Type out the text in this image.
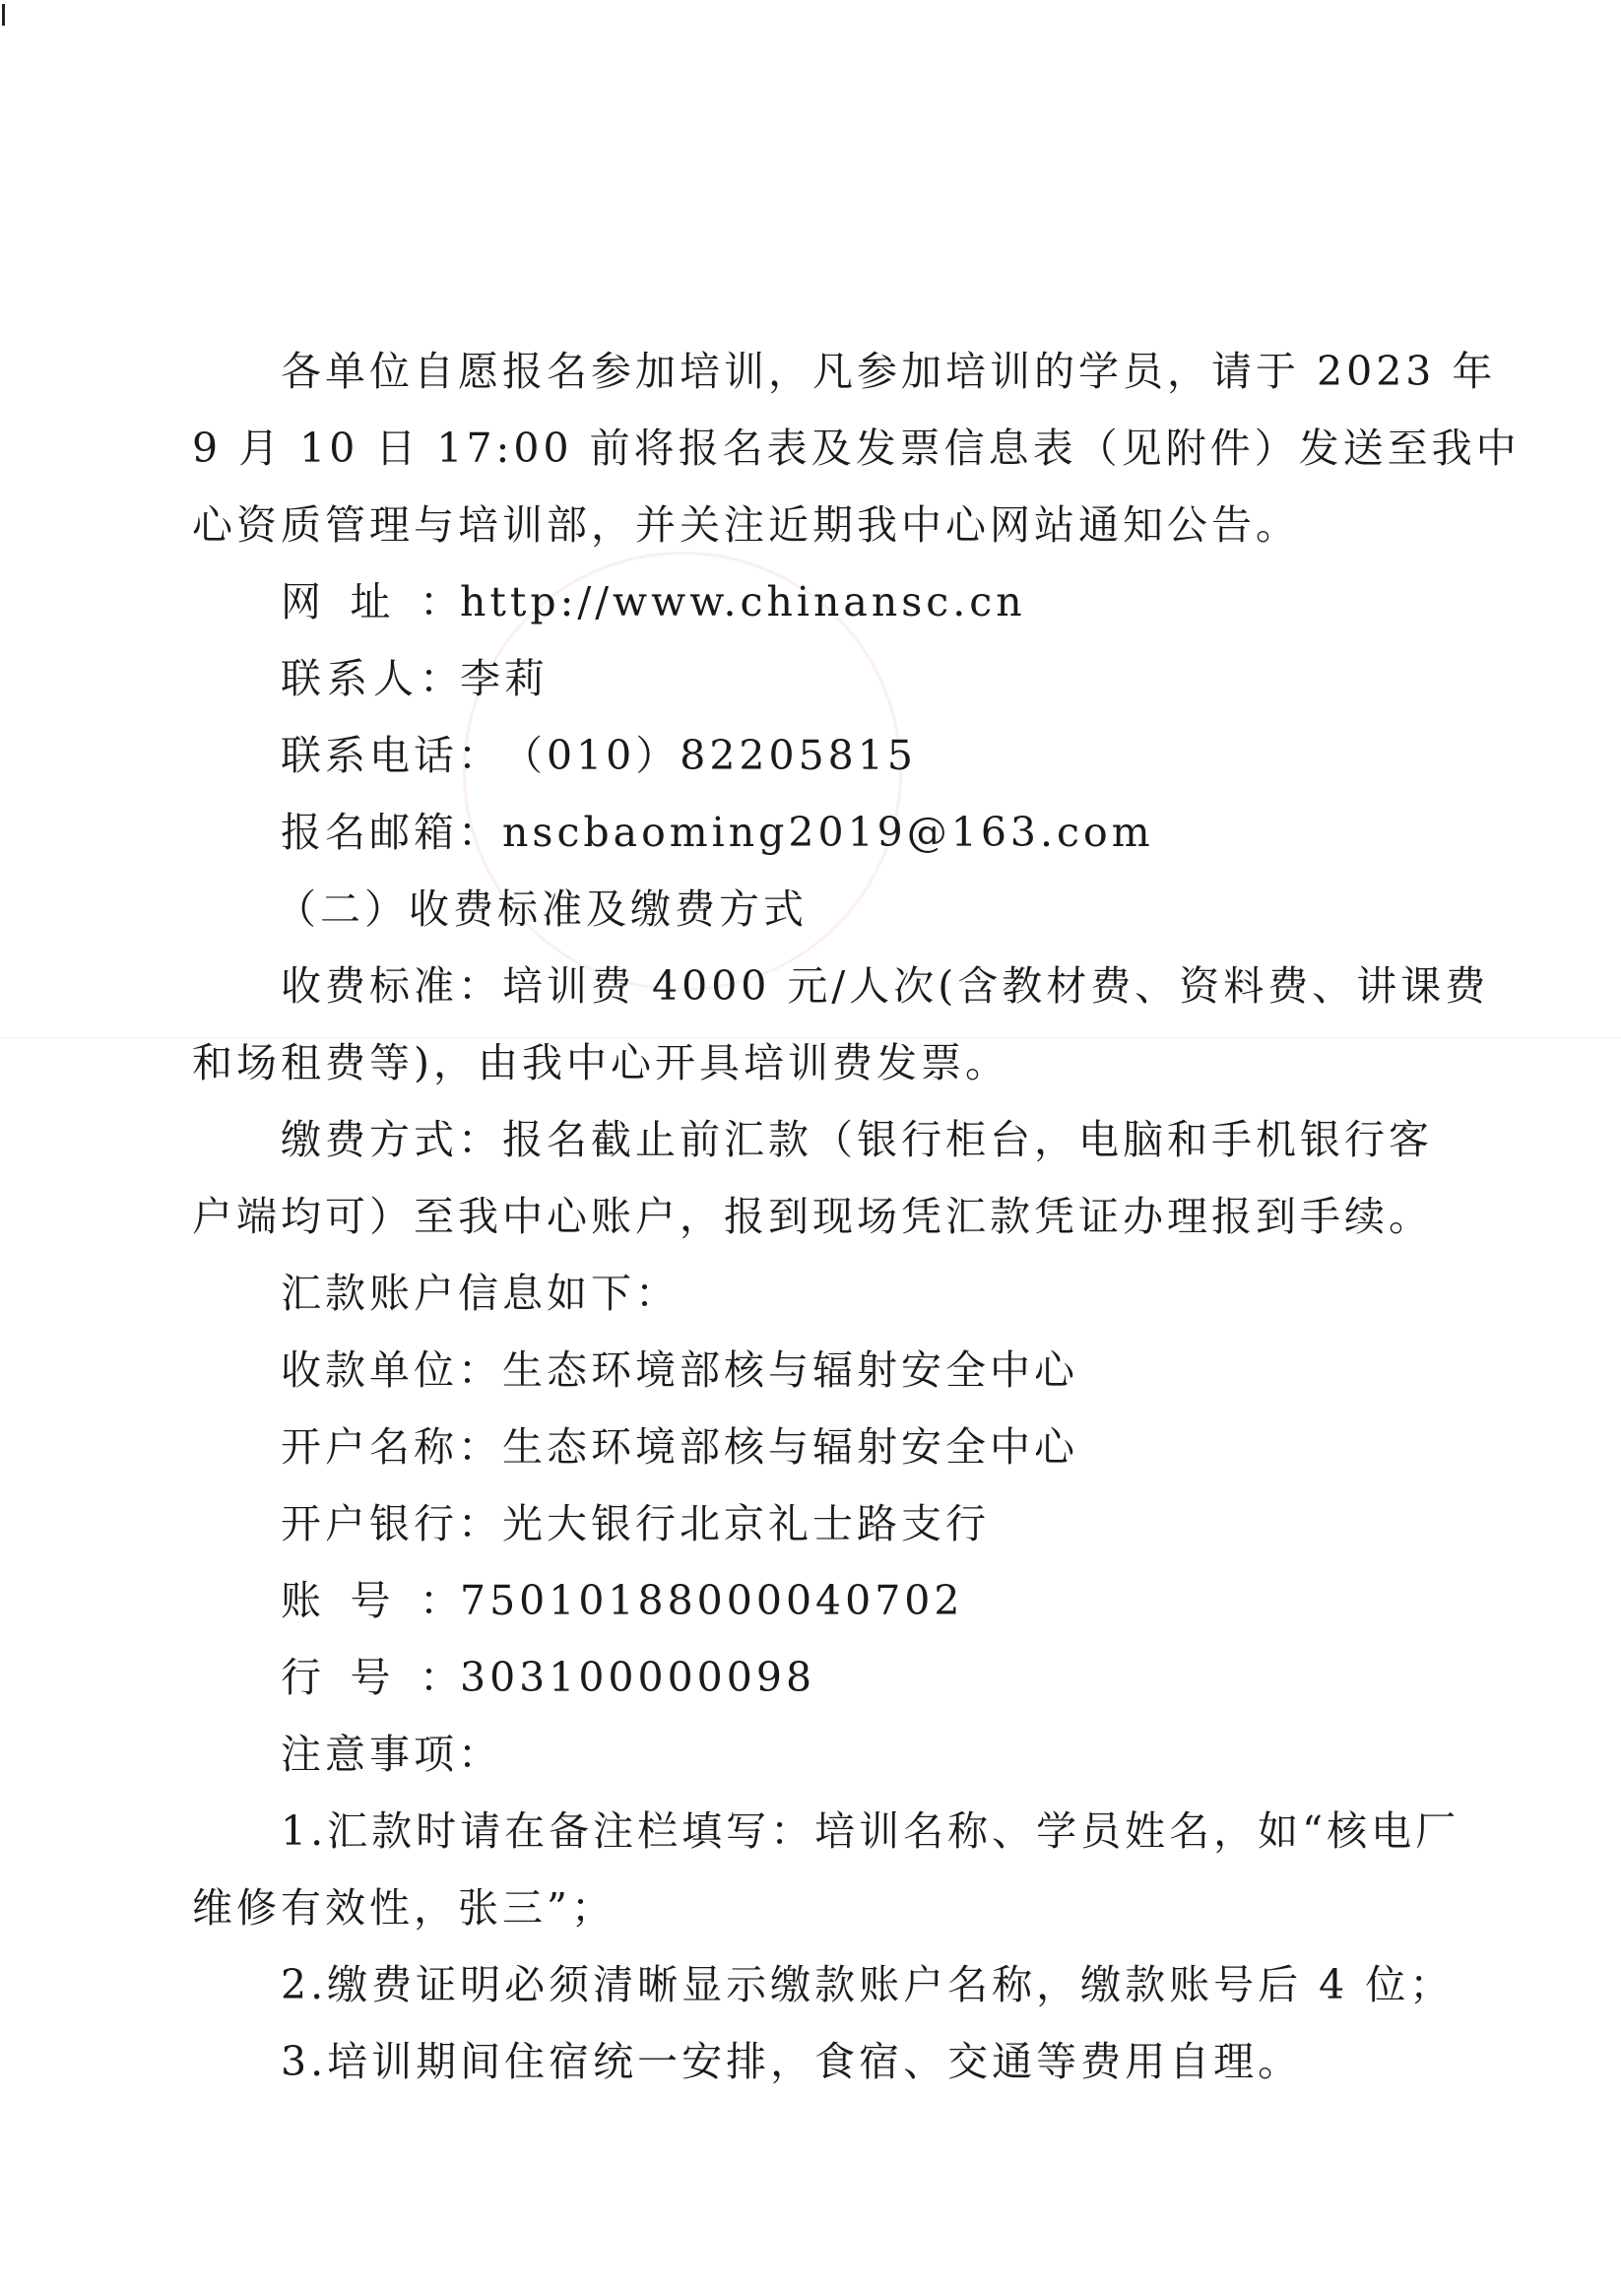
各单位自愿报名参加培训，凡参加培训的学员，请于 2023 年
9 月 10 日 17:00 前将报名表及发票信息表（见附件）发送至我中
心资质管理与培训部，并关注近期我中心网站通知公告。
网址：http://www.chinansc.cn
联系人：李莉
联系电话：（010）82205815
报名邮箱：nscbaoming2019@163.com
（二）收费标准及缴费方式
收费标准：培训费 4000 元/人次(含教材费、资料费、讲课费
和场租费等)，由我中心开具培训费发票。
缴费方式：报名截止前汇款（银行柜台，电脑和手机银行客
户端均可）至我中心账户，报到现场凭汇款凭证办理报到手续。
汇款账户信息如下：
收款单位：生态环境部核与辐射安全中心
开户名称：生态环境部核与辐射安全中心
开户银行：光大银行北京礼士路支行
账号：75010188000040702
行号：303100000098
注意事项：
1.汇款时请在备注栏填写：培训名称、学员姓名，如“核电厂
维修有效性，张三”；
2.缴费证明必须清晰显示缴款账户名称，缴款账号后 4 位；
3.培训期间住宿统一安排，食宿、交通等费用自理。
